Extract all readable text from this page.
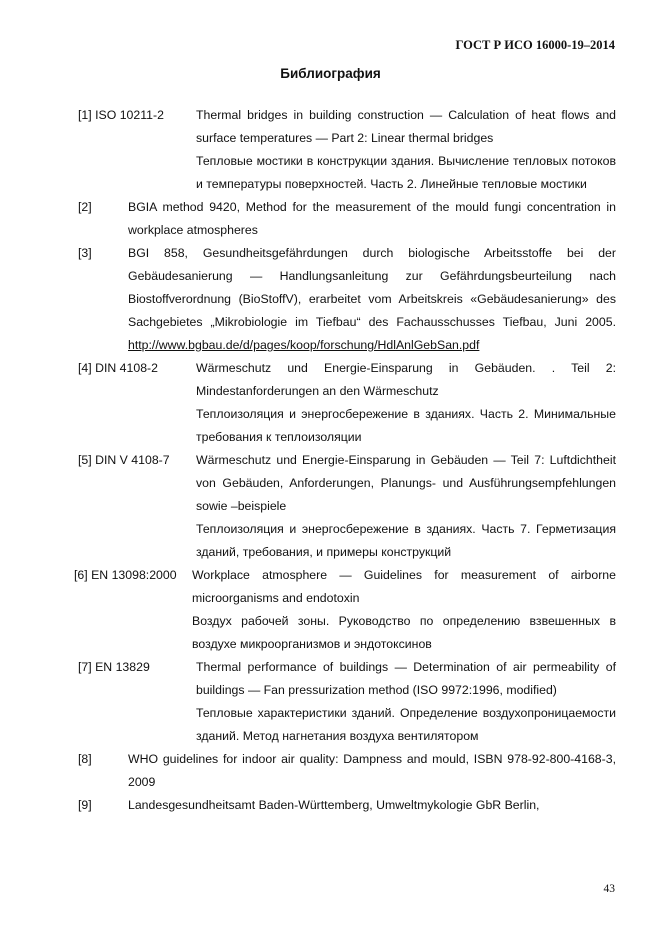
ГОСТ Р ИСО 16000-19–2014
Библиография
[1] ISO 10211-2	Thermal bridges in building construction — Calculation of heat flows and surface temperatures — Part 2: Linear thermal bridges

Тепловые мостики в конструкции здания. Вычисление тепловых потоков и температуры поверхностей. Часть 2. Линейные тепловые мостики

[2]	BGIA method 9420, Method for the measurement of the mould fungi concentration in workplace atmospheres

[3]	BGI 858, Gesundheitsgefährdungen durch biologische Arbeitsstoffe bei der Gebäudesanierung — Handlungsanleitung zur Gefährdungsbeurteilung nach Biostoffverordnung (BioStoffV), erarbeitet vom Arbeitskreis «Gebäudesanierung» des Sachgebietes „Mikrobiologie im Tiefbau“ des Fachausschusses Tiefbau, Juni 2005. http://www.bgbau.de/d/pages/koop/forschung/HdlAnlGebSan.pdf

[4] DIN 4108-2	Wärmeschutz und Energie-Einsparung in Gebäuden. . Teil 2: Mindestanforderungen an den Wärmeschutz

Теплоизоляция и энергосбережение в зданиях. Часть 2. Минимальные требования к теплоизоляции

[5] DIN V 4108-7	Wärmeschutz und Energie-Einsparung in Gebäuden — Teil 7: Luftdichtheit von Gebäuden, Anforderungen, Planungs- und Ausführungsempfehlungen sowie –beispiele

Теплоизоляция и энергосбережение в зданиях. Часть 7. Герметизация зданий, требования, и примеры конструкций

[6] EN 13098:2000	Workplace atmosphere — Guidelines for measurement of airborne microorganisms and endotoxin

Воздух рабочей зоны. Руководство по определению взвешенных в воздухе микроорганизмов и эндотоксинов

[7] EN 13829	Thermal performance of buildings — Determination of air permeability of buildings — Fan pressurization method (ISO 9972:1996, modified)

Тепловые характеристики зданий. Определение воздухопроницаемости зданий. Метод нагнетания воздуха вентилятором

[8]	WHO guidelines for indoor air quality: Dampness and mould, ISBN 978-92-800-4168-3, 2009

[9]	Landesgesundheitsamt Baden-Württemberg, Umweltmykologie GbR Berlin,

43
